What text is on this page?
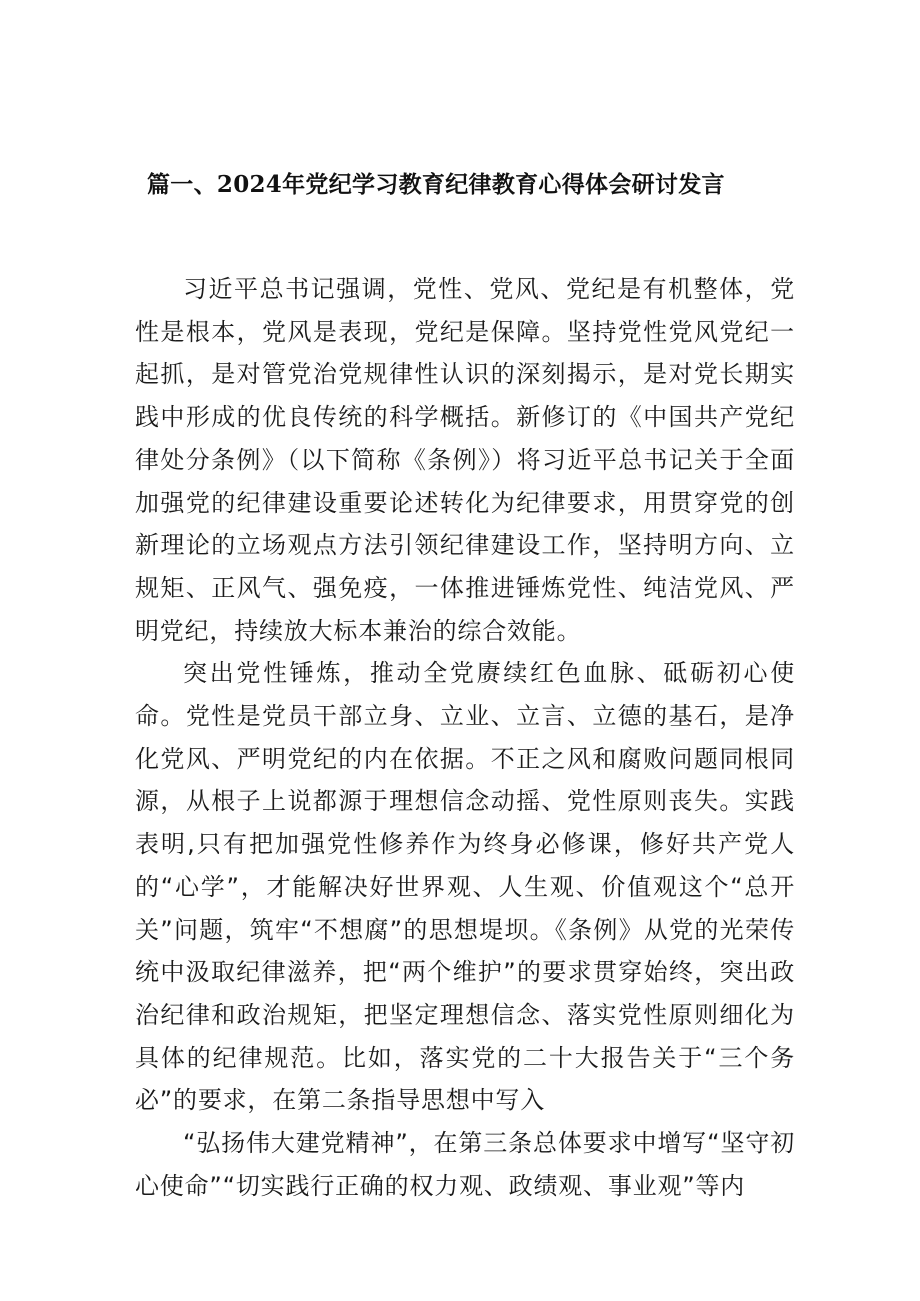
篇一、2024年党纪学习教育纪律教育心得体会研讨发言

习近平总书记强调，党性、党风、党纪是有机整体，党性是根本，党风是表现，党纪是保障。坚持党性党风党纪一起抓，是对管党治党规律性认识的深刻揭示，是对党长期实践中形成的优良传统的科学概括。新修订的《中国共产党纪律处分条例》（以下简称《条例》）将习近平总书记关于全面加强党的纪律建设重要论述转化为纪律要求，用贯穿党的创新理论的立场观点方法引领纪律建设工作，坚持明方向、立规矩、正风气、强免疫，一体推进锤炼党性、纯洁党风、严明党纪，持续放大标本兼治的综合效能。

突出党性锤炼，推动全党赓续红色血脉、砥砺初心使命。党性是党员干部立身、立业、立言、立德的基石，是净化党风、严明党纪的内在依据。不正之风和腐败问题同根同源，从根子上说都源于理想信念动摇、党性原则丧失。实践表明,只有把加强党性修养作为终身必修课，修好共产党人的“心学”，才能解决好世界观、人生观、价值观这个“总开关”问题，筑牢“不想腐”的思想堤坝。《条例》从党的光荣传统中汲取纪律滋养，把“两个维护”的要求贯穿始终，突出政治纪律和政治规矩，把坚定理想信念、落实党性原则细化为具体的纪律规范。比如，落实党的二十大报告关于“三个务必”的要求，在第二条指导思想中写入

“弘扬伟大建党精神”，在第三条总体要求中增写“坚守初心使命”“切实践行正确的权力观、政绩观、事业观”等内
